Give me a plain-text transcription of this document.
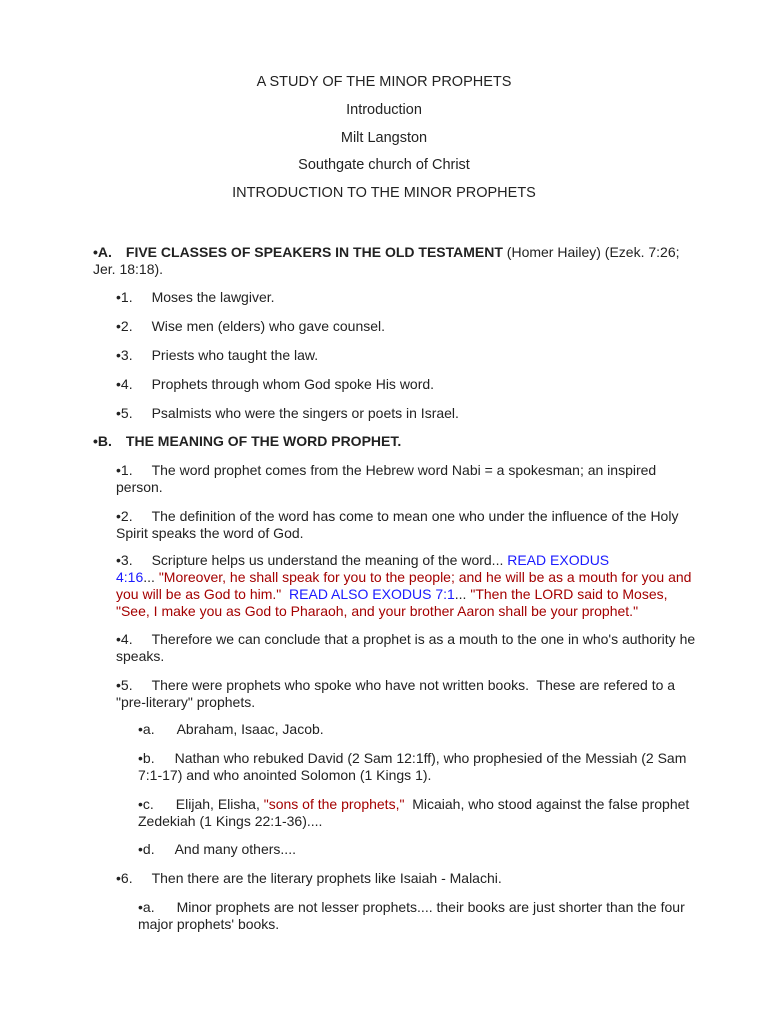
A STUDY OF THE MINOR PROPHETS
Introduction
Milt Langston
Southgate church of Christ
INTRODUCTION TO THE MINOR PROPHETS
•A. FIVE CLASSES OF SPEAKERS IN THE OLD TESTAMENT (Homer Hailey) (Ezek. 7:26;
Jer. 18:18).
•1. Moses the lawgiver.
•2. Wise men (elders) who gave counsel.
•3. Priests who taught the law.
•4. Prophets through whom God spoke His word.
•5. Psalmists who were the singers or poets in Israel.
•B. THE MEANING OF THE WORD PROPHET.
•1. The word prophet comes from the Hebrew word Nabi = a spokesman; an inspired
person.
•2. The definition of the word has come to mean one who under the influence of the Holy
Spirit speaks the word of God.
•3. Scripture helps us understand the meaning of the word... READ EXODUS
4:16... "Moreover, he shall speak for you to the people; and he will be as a mouth for you and
you will be as God to him."  READ ALSO EXODUS 7:1... "Then the LORD said to Moses,
"See, I make you as God to Pharaoh, and your brother Aaron shall be your prophet."
•4. Therefore we can conclude that a prophet is as a mouth to the one in who's authority he
speaks.
•5. There were prophets who spoke who have not written books.  These are refered to a
"pre-literary" prophets.
•a. Abraham, Isaac, Jacob.
•b. Nathan who rebuked David (2 Sam 12:1ff), who prophesied of the Messiah (2 Sam
7:1-17) and who anointed Solomon (1 Kings 1).
•c. Elijah, Elisha, "sons of the prophets,"  Micaiah, who stood against the false prophet
Zedekiah (1 Kings 22:1-36)....
•d. And many others....
•6. Then there are the literary prophets like Isaiah - Malachi.
•a. Minor prophets are not lesser prophets.... their books are just shorter than the four
major prophets' books.
